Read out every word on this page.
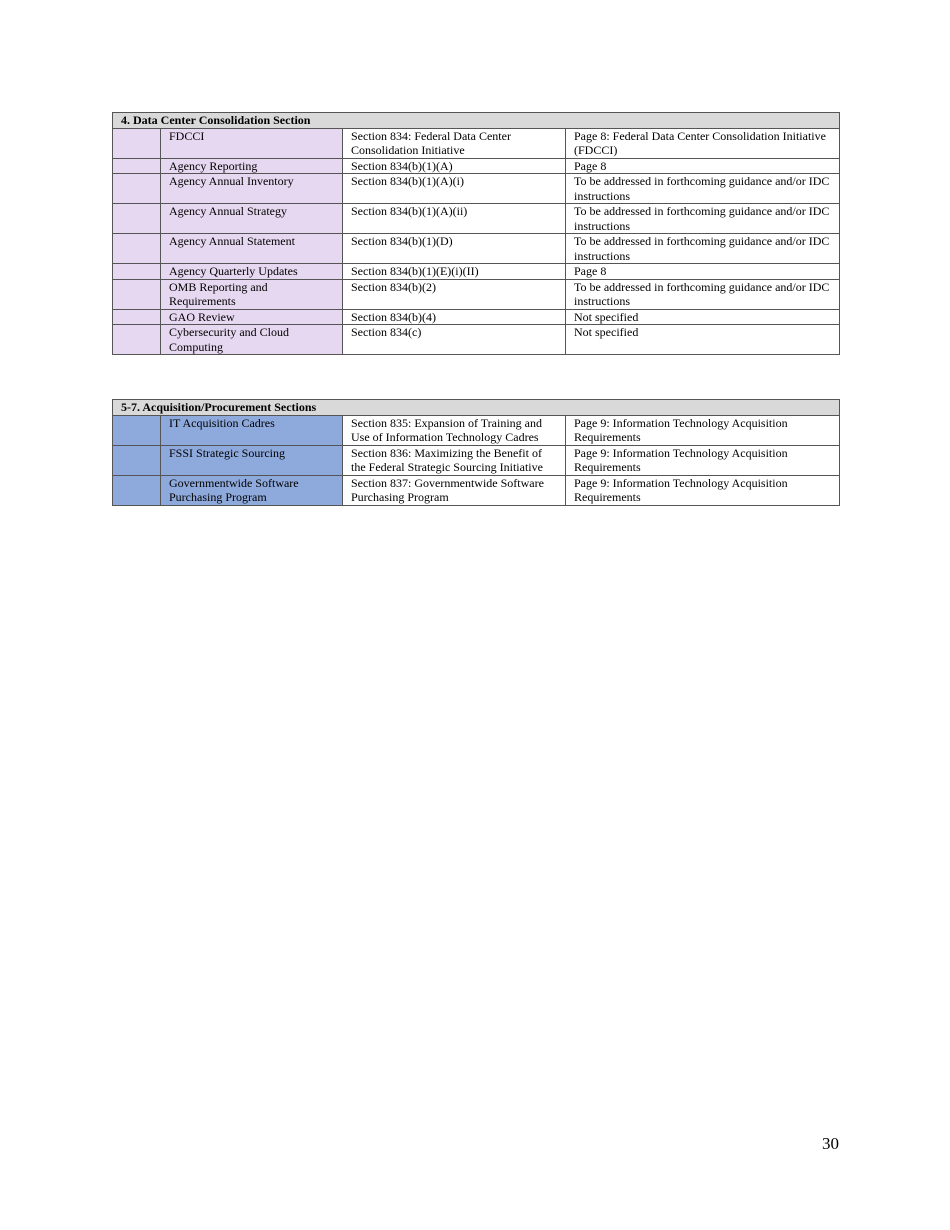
4. Data Center Consolidation Section			
	FDCCI	Section 834: Federal Data Center Consolidation Initiative	Page 8: Federal Data Center Consolidation Initiative (FDCCI)
	Agency Reporting	Section 834(b)(1)(A)	Page 8
	Agency Annual Inventory	Section 834(b)(1)(A)(i)	To be addressed in forthcoming guidance and/or IDC instructions
	Agency Annual Strategy	Section 834(b)(1)(A)(ii)	To be addressed in forthcoming guidance and/or IDC instructions
	Agency Annual Statement	Section 834(b)(1)(D)	To be addressed in forthcoming guidance and/or IDC instructions
	Agency Quarterly Updates	Section 834(b)(1)(E)(i)(II)	Page 8
	OMB Reporting and Requirements	Section 834(b)(2)	To be addressed in forthcoming guidance and/or IDC instructions
	GAO Review	Section 834(b)(4)	Not specified
	Cybersecurity and Cloud Computing	Section 834(c)	Not specified
5-7. Acquisition/Procurement Sections			
	IT Acquisition Cadres	Section 835: Expansion of Training and Use of Information Technology Cadres	Page 9: Information Technology Acquisition Requirements
	FSSI Strategic Sourcing	Section 836: Maximizing the Benefit of the Federal Strategic Sourcing Initiative	Page 9: Information Technology Acquisition Requirements
	Governmentwide Software Purchasing Program	Section 837: Governmentwide Software Purchasing Program	Page 9: Information Technology Acquisition Requirements
30
